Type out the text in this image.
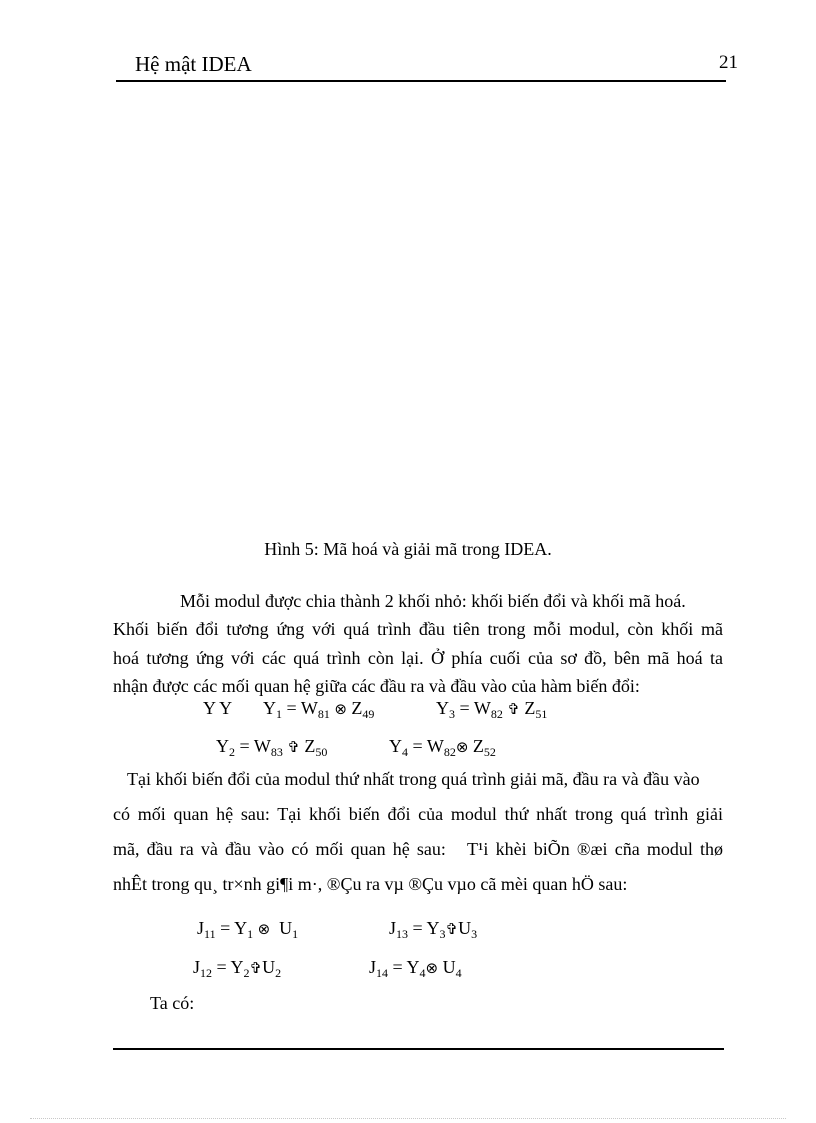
Hệ mật IDEA	21
Hình 5: Mã hoá và giải mã trong IDEA.
Mỗi modul được chia thành 2 khối nhỏ: khối biến đổi và khối mã hoá.
Khối biến đổi tương ứng với quá trình đầu tiên trong mỗi modul, còn khối mã
hoá tương ứng với các quá trình còn lại. Ở phía cuối của sơ đồ, bên mã hoá ta
nhận được các mối quan hệ giữa các đầu ra và đầu vào của hàm biến đổi:
Y Y $Y_1 = W_{81}$ ⊗ $Z_{49}$	$Y_3 = W_{82}$ ✞ $Z_{51}$
$Y_2 = W_{83}$ ✞ $Z_{50}$	$Y_4$ = $W_{82}\otimes$ $Z_{52}$
Tại khối biến đổi của modul thứ nhất trong quá trình giải mã, đầu ra và đầu vào
có mối quan hệ sau: Tại khối biến đổi của modul thứ nhất trong quá trình giải
mã, đầu ra và đầu vào có mối quan hệ sau:   T¹i khèi biÕn ®æi cña modul thø
nhÊt trong qu¸ tr×nh gi¶i m·, ®Çu ra vµ ®Çu vµo cã mèi quan hÖ sau:
$J_{11} = Y_1$ ⊗ $U_1$	$J_{13}$ = $Y_3✞U_3$
$J_{12}$ = $Y_2✞U_2$	$J_{14}$ = $Y_4\otimes$ $U_4$
Ta có:
